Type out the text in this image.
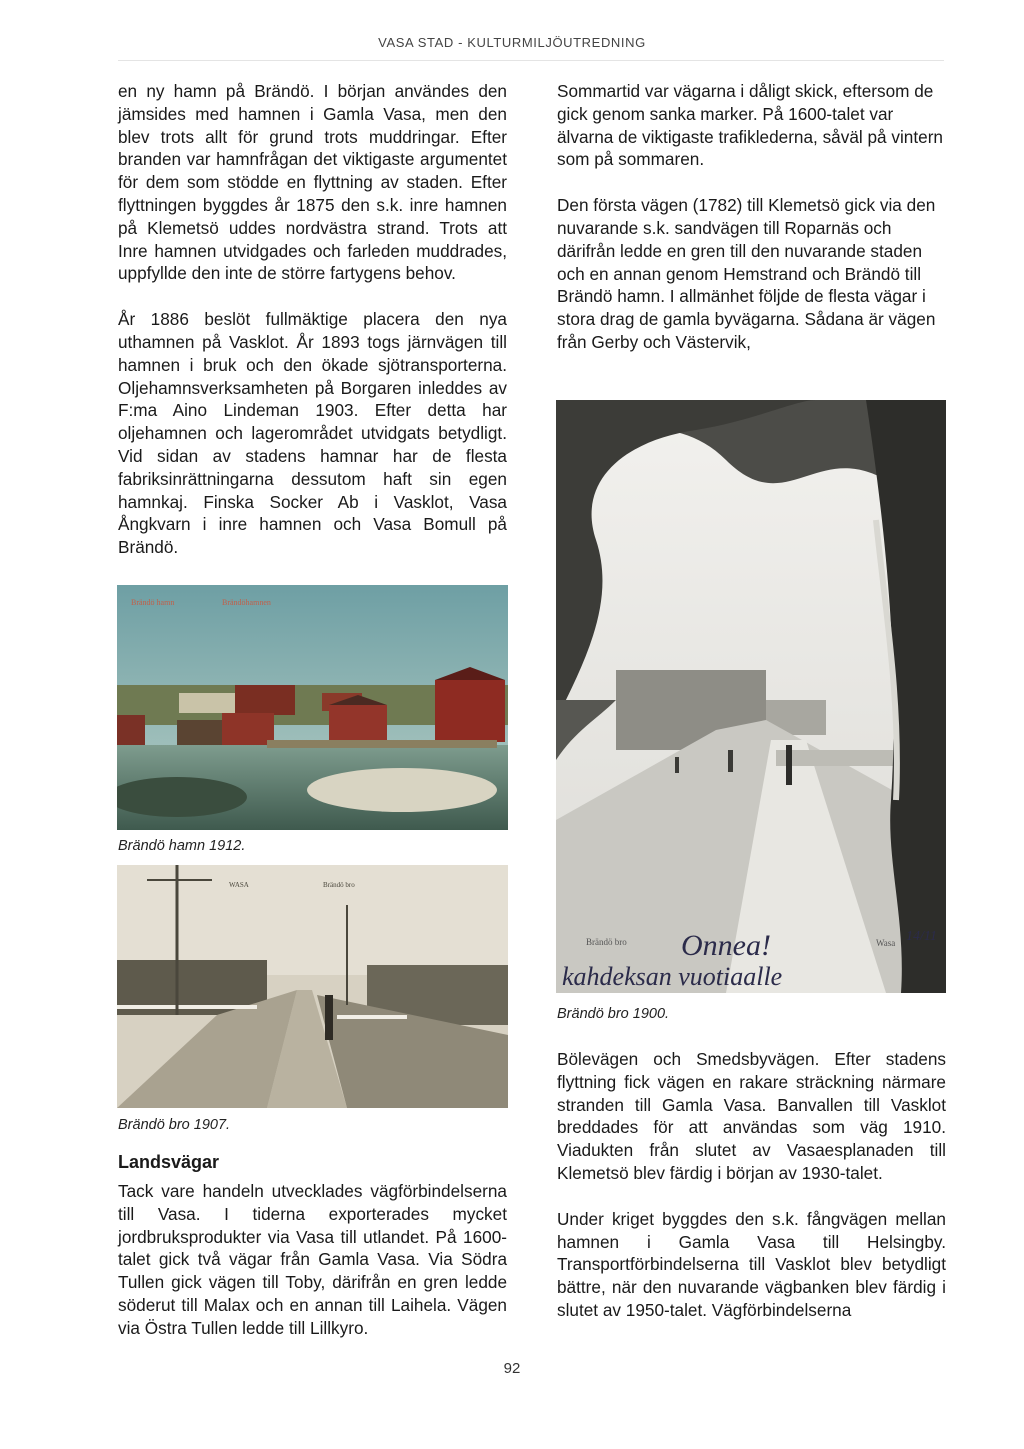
VASA STAD - KULTURMILJÖUTREDNING

en ny hamn på Brändö. I början användes den jämsides med hamnen i Gamla Vasa, men den blev trots allt för grund trots muddringar. Efter branden var hamnfrågan det viktigaste argumentet för dem som stödde en flyttning av staden. Efter flyttningen byggdes år 1875 den s.k. inre hamnen på Klemetsö uddes nordvästra strand. Trots att Inre hamnen utvidgades och farleden muddrades, uppfyllde den inte de större fartygens behov.

År 1886 beslöt fullmäktige placera den nya uthamnen på Vasklot. År 1893 togs järnvägen till hamnen i bruk och den ökade sjötransporterna. Oljehamnsverksamheten på Borgaren inleddes av F:ma Aino Lindeman 1903. Efter detta har oljehamnen och lagerområdet utvidgats betydligt. Vid sidan av stadens hamnar har de flesta fabriksinrättningarna dessutom haft sin egen hamnkaj. Finska Socker Ab i Vasklot, Vasa Ångkvarn i inre hamnen och Vasa Bomull på Brändö.

Sommartid var vägarna i dåligt skick, eftersom de gick genom sanka marker. På 1600-talet var älvarna de viktigaste trafiklederna, såväl på vintern som på sommaren.

Den första vägen (1782) till Klemetsö gick via den nuvarande s.k. sandvägen till Roparnäs och därifrån ledde en gren till den nuvarande staden och en annan genom Hemstrand och Brändö till Brändö hamn. I allmänhet följde de flesta vägar i stora drag de gamla byvägarna. Sådana är vägen från Gerby och Västervik,

Brändö hamn	Brändöhamnen
Brändö hamn 1912.
WASA	Brändö bro
Brändö bro 1907.
Landsvägar

Tack vare handeln utvecklades vägförbindelserna till Vasa. I tiderna exporterades mycket jordbruksprodukter via Vasa till utlandet. På 1600-talet gick två vägar från Gamla Vasa. Via Södra Tullen gick vägen till Toby, därifrån en gren ledde söderut till Malax och en annan till Laihela. Vägen via Östra Tullen ledde till Lillkyro.

Brändö bro	Wasa
Onnea!	14/11
kahdeksan vuotiaalle
Brändö bro 1900.

Bölevägen och Smedsbyvägen. Efter stadens flyttning fick vägen en rakare sträckning närmare stranden till Gamla Vasa. Banvallen till Vasklot breddades för att användas som väg 1910. Viadukten från slutet av Vasaesplanaden till Klemetsö blev färdig i början av 1930-talet.

Under kriget byggdes den s.k. fångvägen mellan hamnen i Gamla Vasa till Helsingby. Transportförbindelserna till Vasklot blev betydligt bättre, när den nuvarande vägbanken blev färdig i slutet av 1950-talet. Vägförbindelserna

92
